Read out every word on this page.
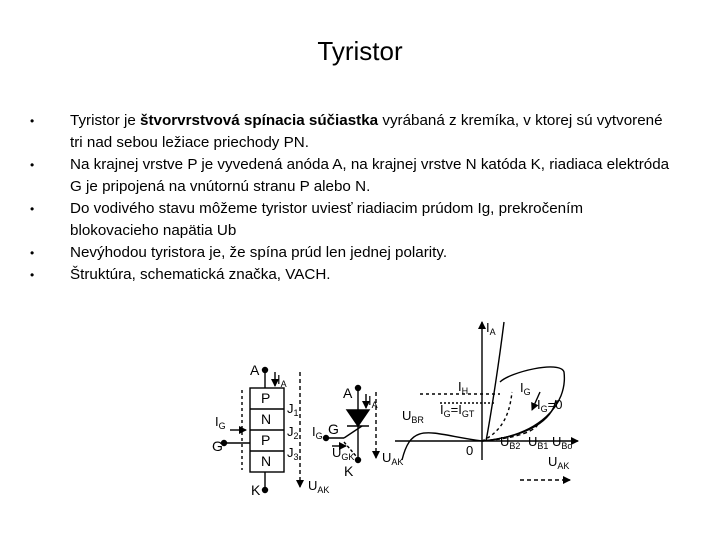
Tyristor
• Tyristor je štvorvrstvová spínacia súčiastka vyrábaná z kremíka, v ktorej sú vytvorené tri nad sebou ležiace priechody PN.
• Na krajnej vrstve P je vyvedená anóda A, na krajnej vrstve N katóda K, riadiaca elektróda G je pripojená na vnútornú stranu P alebo N.
• Do vodivého stavu môžeme tyristor uviesť riadiacim prúdom Ig, prekročením blokovacieho napätia Ub
• Nevýhodou tyristora je, že spína prúd len jednej polarity.
• Štruktúra, schematická značka, VACH.
A
$I_A$
P
N
P
N
$J_1$
$J_2$
$J_3$
$I_G$
G
K	$U_{AK}$
A $I_A$
$I_G$ G
$U_{GK}$
K
$U_{AK}$
$I_A$
$I_H$
$U_{BR}$
$I_G=I_{GT}$
$I_G$
$I_G=0$
0
$U_{B2}$ $U_{B1}$ $U_{Bo}$
$U_{AK}$
